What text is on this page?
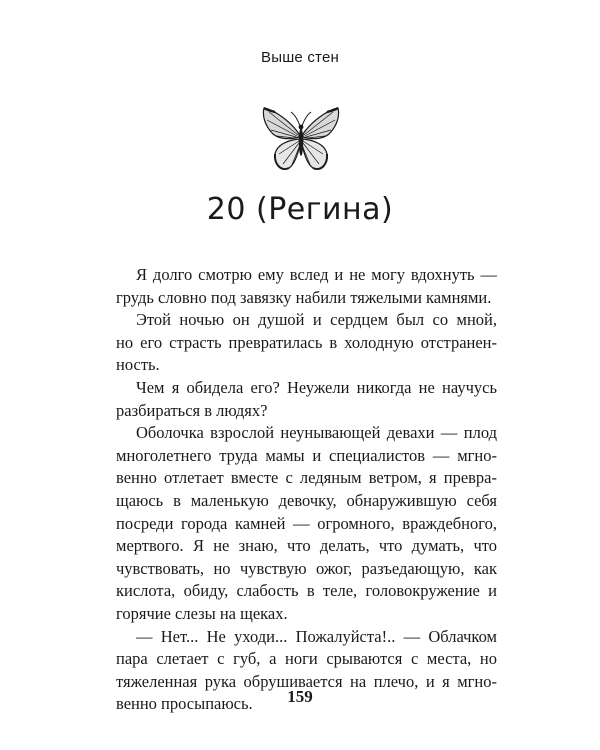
Выше стен
20 (Регина)
Я долго смотрю ему вслед и не могу вдохнуть —
грудь словно под завязку набили тяжелыми камнями.
Этой ночью он душой и сердцем был со мной,
но его страсть превратилась в холодную отстранен-
ность.
Чем я обидела его? Неужели никогда не научусь
разбираться в людях?
Оболочка взрослой неунывающей девахи — плод
многолетнего труда мамы и специалистов — мгно-
венно отлетает вместе с ледяным ветром, я превра-
щаюсь в маленькую девочку, обнаружившую себя
посреди города камней — огромного, враждебного,
мертвого. Я не знаю, что делать, что думать, что
чувствовать, но чувствую ожог, разъедающую, как
кислота, обиду, слабость в теле, головокружение и
горячие слезы на щеках.
— Нет... Не уходи... Пожалуйста!.. — Облачком
пара слетает с губ, а ноги срываются с места, но
тяжеленная рука обрушивается на плечо, и я мгно-
венно просыпаюсь.	159
